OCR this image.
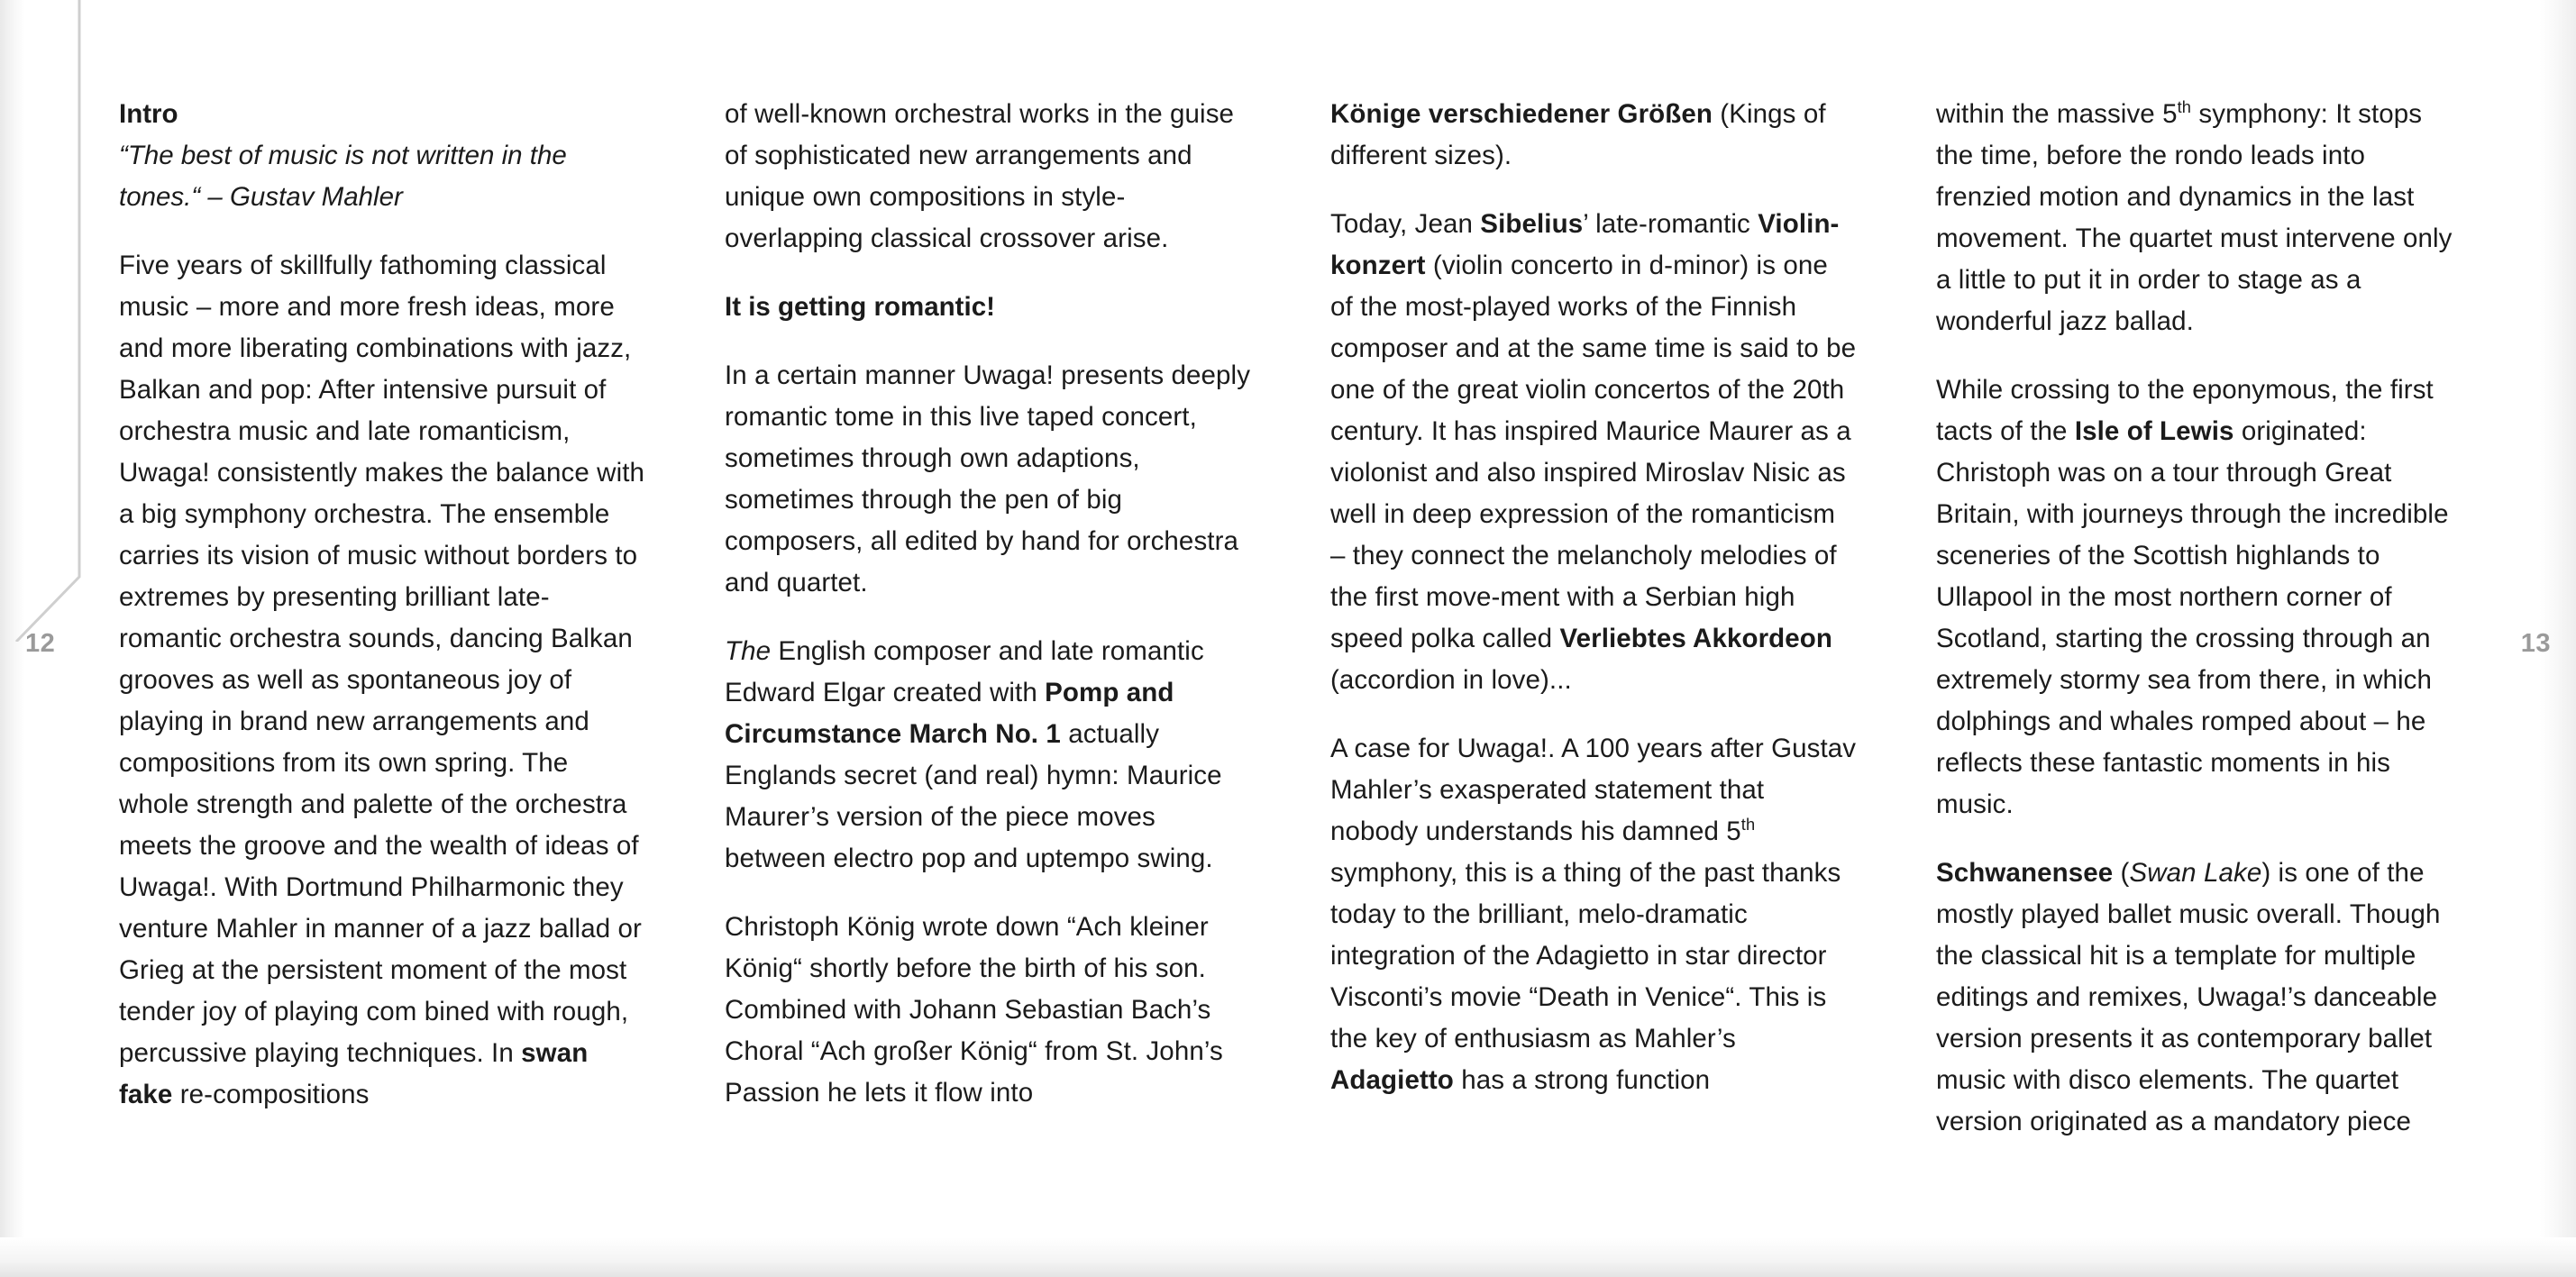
12	13
Intro
“The best of music is not written in the tones.“ – Gustav Mahler

Five years of skillfully fathoming classical music – more and more fresh ideas, more and more liberating combinations with jazz, Balkan and pop: After intensive pursuit of orchestra music and late romanticism, Uwaga! consistently makes the balance with a big symphony orchestra. The ensemble carries its vision of music without borders to extremes by presenting brilliant late-romantic orchestra sounds, dancing Balkan grooves as well as spontaneous joy of playing in brand new arrangements and compositions from its own spring. The whole strength and palette of the orchestra meets the groove and the wealth of ideas of Uwaga!. With Dortmund Philharmonic they venture Mahler in manner of a jazz ballad or Grieg at the persistent moment of the most tender joy of playing com bined with rough, percussive playing techniques. In swan fake re-compositions

of well-known orchestral works in the guise of sophisticated new arrangements and unique own compositions in style-overlapping classical crossover arise.

It is getting romantic!

In a certain manner Uwaga! presents deeply romantic tome in this live taped concert, sometimes through own adaptions, sometimes through the pen of big composers, all edited by hand for orchestra and quartet.

The English composer and late romantic Edward Elgar created with Pomp and Circumstance March No. 1 actually Englands secret (and real) hymn: Maurice Maurer’s version of the piece moves between electro pop and uptempo swing.

Christoph König wrote down “Ach kleiner König“ shortly before the birth of his son. Combined with Johann Sebastian Bach’s Choral “Ach großer König“ from St. John’s Passion he lets it flow into

Könige verschiedener Größen (Kings of different sizes).

Today, Jean Sibelius’ late-romantic Violin-konzert (violin concerto in d-minor) is one of the most-played works of the Finnish composer and at the same time is said to be one of the great violin concertos of the 20th century. It has inspired Maurice Maurer as a violonist and also inspired Miroslav Nisic as well in deep expression of the romanticism – they connect the melancholy melodies of the first move-ment with a Serbian high speed polka called Verliebtes Akkordeon (accordion in love)...

A case for Uwaga!. A 100 years after Gustav Mahler’s exasperated statement that nobody understands his damned 5th symphony, this is a thing of the past thanks today to the brilliant, melo-dramatic integration of the Adagietto in star director Visconti’s movie “Death in Venice“. This is the key of enthusiasm as Mahler’s Adagietto has a strong function

within the massive 5th symphony: It stops the time, before the rondo leads into frenzied motion and dynamics in the last movement. The quartet must intervene only a little to put it in order to stage as a wonderful jazz ballad.

While crossing to the eponymous, the first tacts of the Isle of Lewis originated: Christoph was on a tour through Great Britain, with journeys through the incredible sceneries of the Scottish highlands to Ullapool in the most northern corner of Scotland, starting the crossing through an extremely stormy sea from there, in which dolphings and whales romped about – he reflects these fantastic moments in his music.

Schwanensee (Swan Lake) is one of the mostly played ballet music overall. Though the classical hit is a template for multiple editings and remixes, Uwaga!’s danceable version presents it as contemporary ballet music with disco elements. The quartet version originated as a mandatory piece
